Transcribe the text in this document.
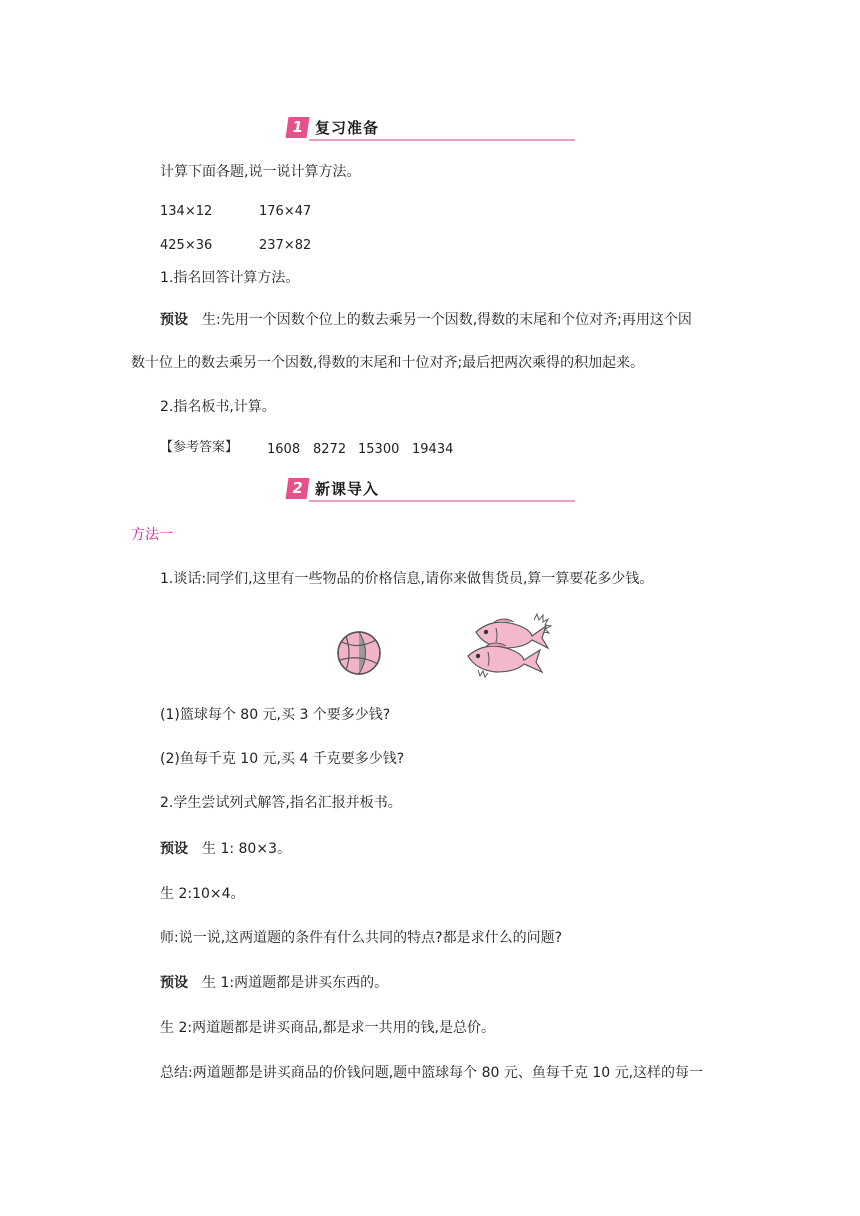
1 复习准备
计算下面各题,说一说计算方法。
134×12	176×47
425×36	237×82
1.指名回答计算方法。
预设 生:先用一个因数个位上的数去乘另一个因数,得数的末尾和个位对齐;再用这个因
数十位上的数去乘另一个因数,得数的末尾和十位对齐;最后把两次乘得的积加起来。
2.指名板书,计算。
【参考答案】 1608 8272 15300 19434
2 新课导入
方法一
1.谈话:同学们,这里有一些物品的价格信息,请你来做售货员,算一算要花多少钱。
(1)篮球每个 80 元,买 3 个要多少钱?
(2)鱼每千克 10 元,买 4 千克要多少钱?
2.学生尝试列式解答,指名汇报并板书。
预设 生 1: 80×3。
生 2:10×4。
师:说一说,这两道题的条件有什么共同的特点?都是求什么的问题?
预设 生 1:两道题都是讲买东西的。
生 2:两道题都是讲买商品,都是求一共用的钱,是总价。
总结:两道题都是讲买商品的价钱问题,题中篮球每个 80 元、鱼每千克 10 元,这样的每一
